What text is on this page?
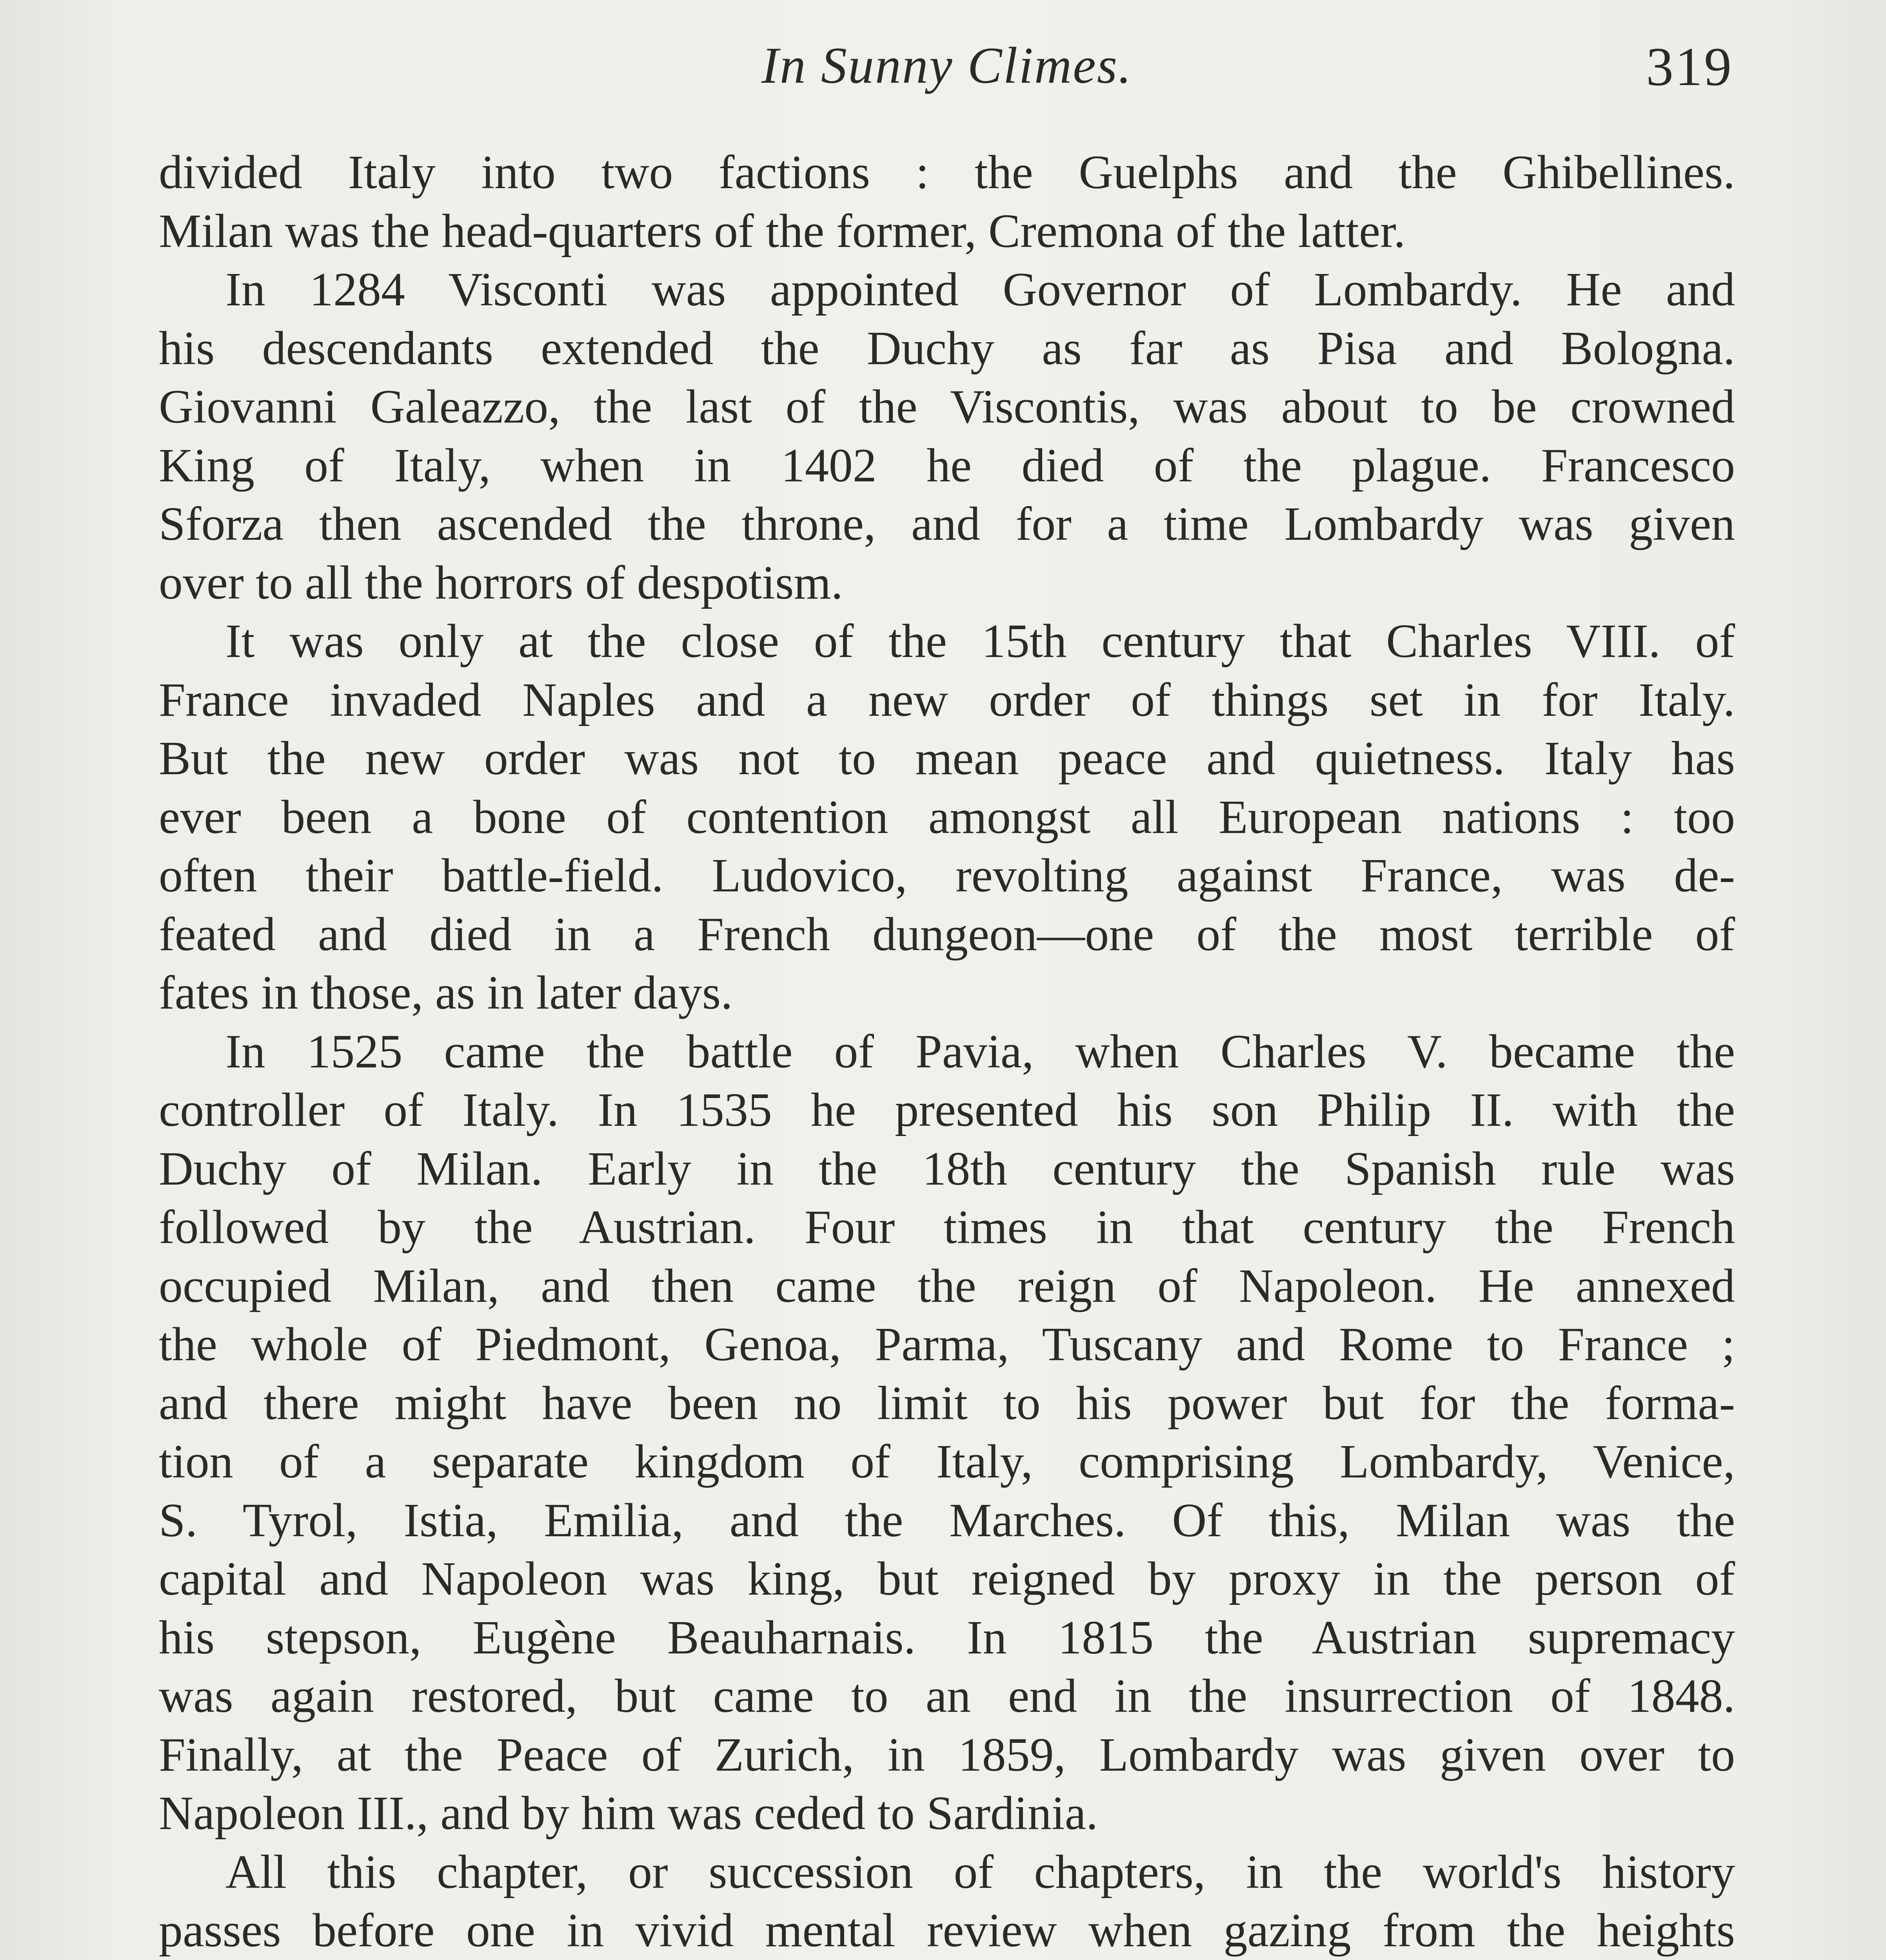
In Sunny Climes.	319
divided Italy into two factions : the Guelphs and the Ghibellines.
Milan was the head-quarters of the former, Cremona of the latter.
In 1284 Visconti was appointed Governor of Lombardy. He and
his descendants extended the Duchy as far as Pisa and Bologna.
Giovanni Galeazzo, the last of the Viscontis, was about to be crowned
King of Italy, when in 1402 he died of the plague. Francesco
Sforza then ascended the throne, and for a time Lombardy was given
over to all the horrors of despotism.
It was only at the close of the 15th century that Charles VIII. of
France invaded Naples and a new order of things set in for Italy.
But the new order was not to mean peace and quietness. Italy has
ever been a bone of contention amongst all European nations : too
often their battle-field. Ludovico, revolting against France, was de-
feated and died in a French dungeon—one of the most terrible of
fates in those, as in later days.
In 1525 came the battle of Pavia, when Charles V. became the
controller of Italy. In 1535 he presented his son Philip II. with the
Duchy of Milan. Early in the 18th century the Spanish rule was
followed by the Austrian. Four times in that century the French
occupied Milan, and then came the reign of Napoleon. He annexed
the whole of Piedmont, Genoa, Parma, Tuscany and Rome to France ;
and there might have been no limit to his power but for the forma-
tion of a separate kingdom of Italy, comprising Lombardy, Venice,
S. Tyrol, Istia, Emilia, and the Marches. Of this, Milan was the
capital and Napoleon was king, but reigned by proxy in the person of
his stepson, Eugène Beauharnais. In 1815 the Austrian supremacy
was again restored, but came to an end in the insurrection of 1848.
Finally, at the Peace of Zurich, in 1859, Lombardy was given over to
Napoleon III., and by him was ceded to Sardinia.
All this chapter, or succession of chapters, in the world's history
passes before one in vivid mental review when gazing from the heights
